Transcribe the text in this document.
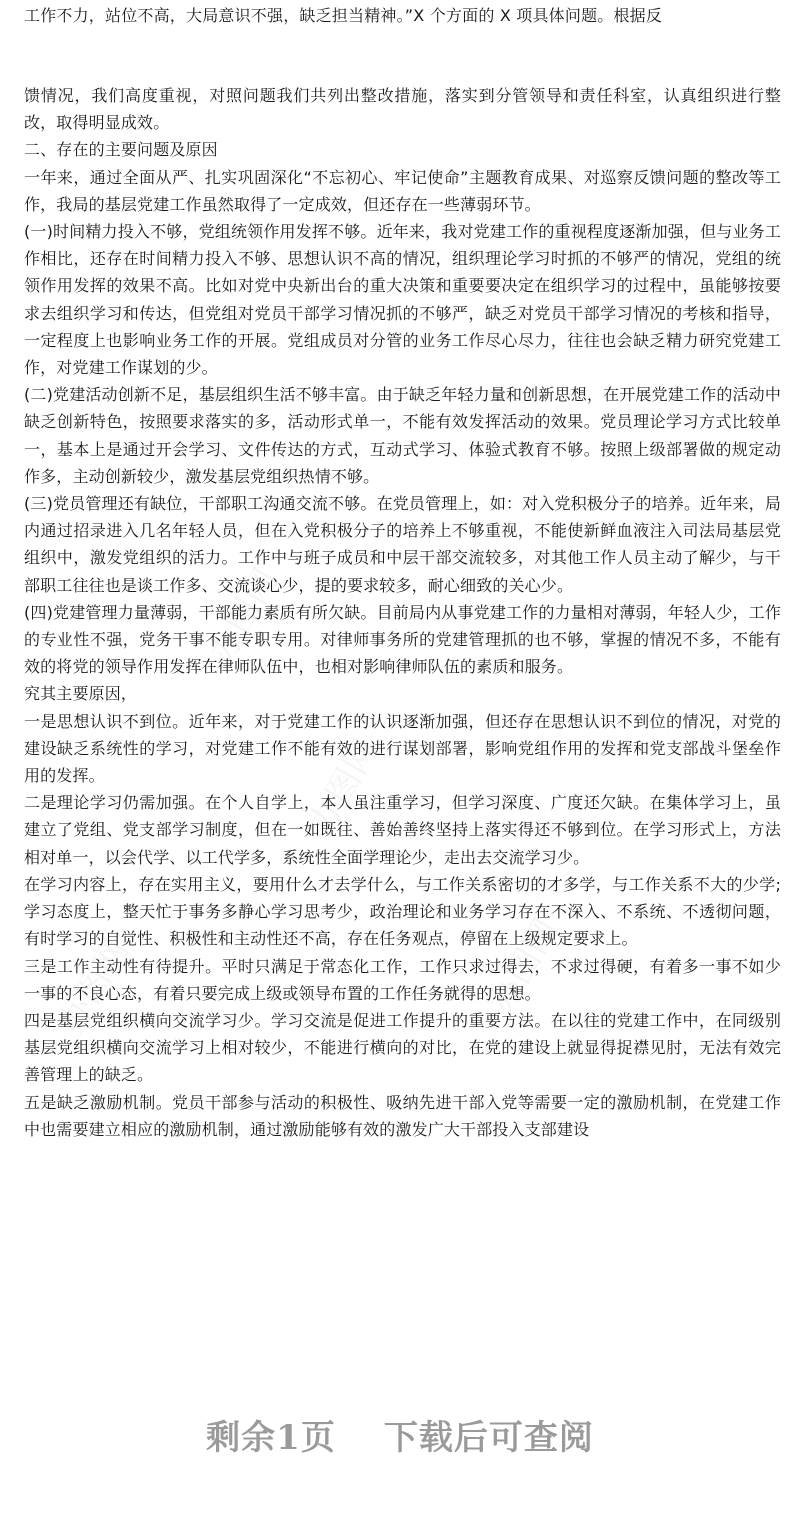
办图网
办图网
办图网
办图网
工作不力，站位不高，大局意识不强，缺乏担当精神。”X 个方面的 X 项具体问题。根据反

馈情况，我们高度重视，对照问题我们共列出整改措施，落实到分管领导和责任科室，认真组织进行整改，取得明显成效。

二、存在的主要问题及原因

一年来，通过全面从严、扎实巩固深化“不忘初心、牢记使命”主题教育成果、对巡察反馈问题的整改等工作，我局的基层党建工作虽然取得了一定成效，但还存在一些薄弱环节。

(一)时间精力投入不够，党组统领作用发挥不够。近年来，我对党建工作的重视程度逐渐加强，但与业务工作相比，还存在时间精力投入不够、思想认识不高的情况，组织理论学习时抓的不够严的情况，党组的统领作用发挥的效果不高。比如对党中央新出台的重大决策和重要要决定在组织学习的过程中，虽能够按要求去组织学习和传达，但党组对党员干部学习情况抓的不够严，缺乏对党员干部学习情况的考核和指导，一定程度上也影响业务工作的开展。党组成员对分管的业务工作尽心尽力，往往也会缺乏精力研究党建工作，对党建工作谋划的少。

(二)党建活动创新不足，基层组织生活不够丰富。由于缺乏年轻力量和创新思想，在开展党建工作的活动中缺乏创新特色，按照要求落实的多，活动形式单一，不能有效发挥活动的效果。党员理论学习方式比较单一，基本上是通过开会学习、文件传达的方式，互动式学习、体验式教育不够。按照上级部署做的规定动作多，主动创新较少，激发基层党组织热情不够。

(三)党员管理还有缺位，干部职工沟通交流不够。在党员管理上，如：对入党积极分子的培养。近年来，局内通过招录进入几名年轻人员，但在入党积极分子的培养上不够重视，不能使新鲜血液注入司法局基层党组织中，激发党组织的活力。工作中与班子成员和中层干部交流较多，对其他工作人员主动了解少，与干部职工往往也是谈工作多、交流谈心少，提的要求较多，耐心细致的关心少。

(四)党建管理力量薄弱，干部能力素质有所欠缺。目前局内从事党建工作的力量相对薄弱，年轻人少，工作的专业性不强，党务干事不能专职专用。对律师事务所的党建管理抓的也不够，掌握的情况不多，不能有效的将党的领导作用发挥在律师队伍中，也相对影响律师队伍的素质和服务。

究其主要原因，

一是思想认识不到位。近年来，对于党建工作的认识逐渐加强，但还存在思想认识不到位的情况，对党的建设缺乏系统性的学习，对党建工作不能有效的进行谋划部署，影响党组作用的发挥和党支部战斗堡垒作用的发挥。

二是理论学习仍需加强。在个人自学上，本人虽注重学习，但学习深度、广度还欠缺。在集体学习上，虽建立了党组、党支部学习制度，但在一如既往、善始善终坚持上落实得还不够到位。在学习形式上，方法相对单一，以会代学、以工代学多，系统性全面学理论少，走出去交流学习少。

在学习内容上，存在实用主义，要用什么才去学什么，与工作关系密切的才多学，与工作关系不大的少学;学习态度上，整天忙于事务多静心学习思考少，政治理论和业务学习存在不深入、不系统、不透彻问题，有时学习的自觉性、积极性和主动性还不高，存在任务观点，停留在上级规定要求上。

三是工作主动性有待提升。平时只满足于常态化工作，工作只求过得去，不求过得硬，有着多一事不如少一事的不良心态，有着只要完成上级或领导布置的工作任务就得的思想。

四是基层党组织横向交流学习少。学习交流是促进工作提升的重要方法。在以往的党建工作中，在同级别基层党组织横向交流学习上相对较少，不能进行横向的对比，在党的建设上就显得捉襟见肘，无法有效完善管理上的缺乏。

五是缺乏激励机制。党员干部参与活动的积极性、吸纳先进干部入党等需要一定的激励机制，在党建工作中也需要建立相应的激励机制，通过激励能够有效的激发广大干部投入支部建设

剩余1页 下载后可查阅
